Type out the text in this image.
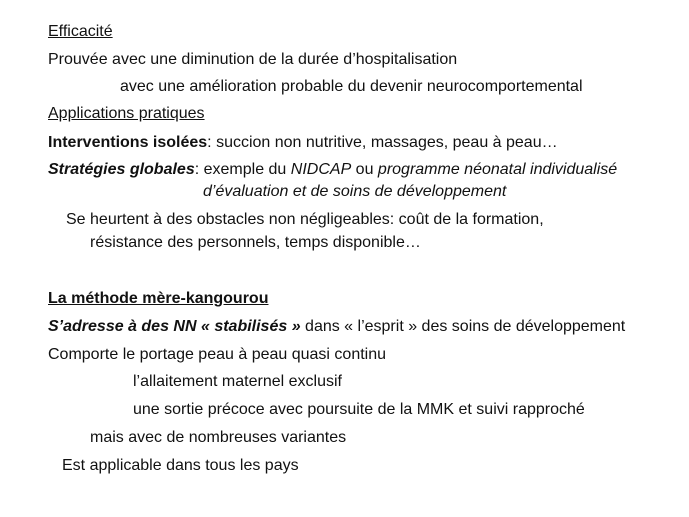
Efficacité
Prouvée avec une diminution de la durée d’hospitalisation
avec une amélioration probable du devenir neurocomportemental
Applications pratiques
Interventions isolées: succion non nutritive, massages, peau à peau…
Stratégies globales: exemple du NIDCAP ou programme néonatal individualisé
d’évaluation et de soins de développement
Se heurtent à des obstacles non négligeables: coût de la formation,
résistance des personnels, temps disponible…
La méthode mère-kangourou
S’adresse à des NN « stabilisés » dans « l’esprit » des soins de développement
Comporte le portage peau à peau quasi continu
l’allaitement maternel exclusif
une sortie précoce avec poursuite de la MMK et suivi rapproché
mais avec de nombreuses variantes
Est applicable dans tous les pays
